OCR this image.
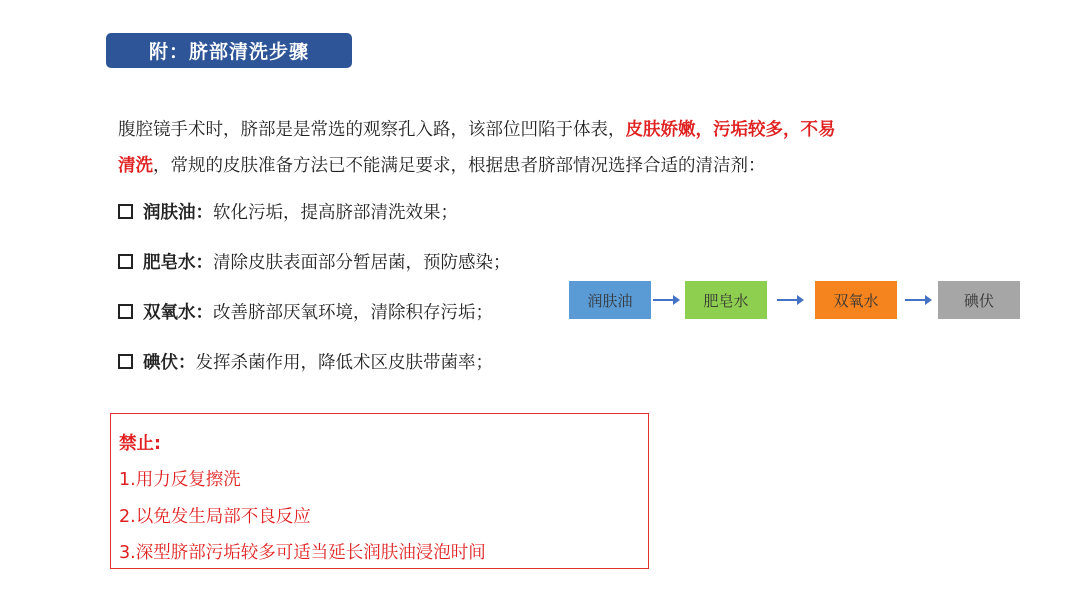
附：脐部清洗步骤
腹腔镜手术时，脐部是是常选的观察孔入路，该部位凹陷于体表，皮肤娇嫩，污垢较多，不易
清洗，常规的皮肤准备方法已不能满足要求，根据患者脐部情况选择合适的清洁剂：
润肤油：软化污垢，提高脐部清洗效果；
肥皂水：清除皮肤表面部分暂居菌，预防感染；
双氧水：改善脐部厌氧环境，清除积存污垢；
碘伏：发挥杀菌作用，降低术区皮肤带菌率；
润肤油	肥皂水	双氧水	碘伏
禁止:
1.用力反复擦洗
2.以免发生局部不良反应
3.深型脐部污垢较多可适当延长润肤油浸泡时间
